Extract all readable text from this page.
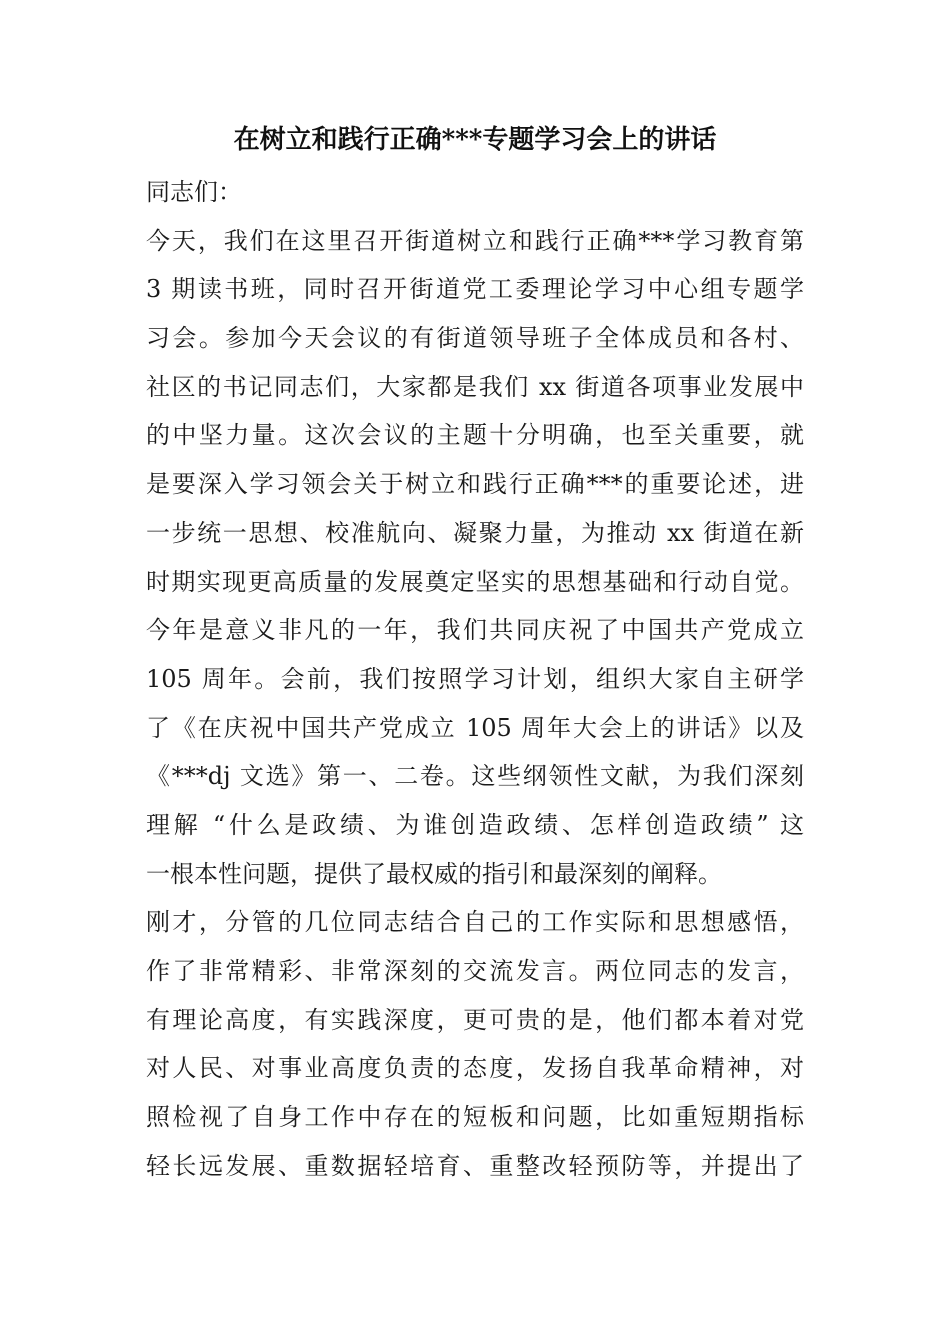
在树立和践行正确***专题学习会上的讲话
同志们：
今天，我们在这里召开街道树立和践行正确***学习教育第
3 期读书班，同时召开街道党工委理论学习中心组专题学
习会。参加今天会议的有街道领导班子全体成员和各村、
社区的书记同志们，大家都是我们 xx 街道各项事业发展中
的中坚力量。这次会议的主题十分明确，也至关重要，就
是要深入学习领会关于树立和践行正确***的重要论述，进
一步统一思想、校准航向、凝聚力量，为推动 xx 街道在新
时期实现更高质量的发展奠定坚实的思想基础和行动自觉。
今年是意义非凡的一年，我们共同庆祝了中国共产党成立
105 周年。会前，我们按照学习计划，组织大家自主研学
了《在庆祝中国共产党成立 105 周年大会上的讲话》以及
《***dj 文选》第一、二卷。这些纲领性文献，为我们深刻
理解 “什么是政绩、为谁创造政绩、怎样创造政绩” 这
一根本性问题，提供了最权威的指引和最深刻的阐释。
刚才，分管的几位同志结合自己的工作实际和思想感悟，
作了非常精彩、非常深刻的交流发言。两位同志的发言，
有理论高度，有实践深度，更可贵的是，他们都本着对党
对人民、对事业高度负责的态度，发扬自我革命精神，对
照检视了自身工作中存在的短板和问题，比如重短期指标
轻长远发展、重数据轻培育、重整改轻预防等，并提出了
